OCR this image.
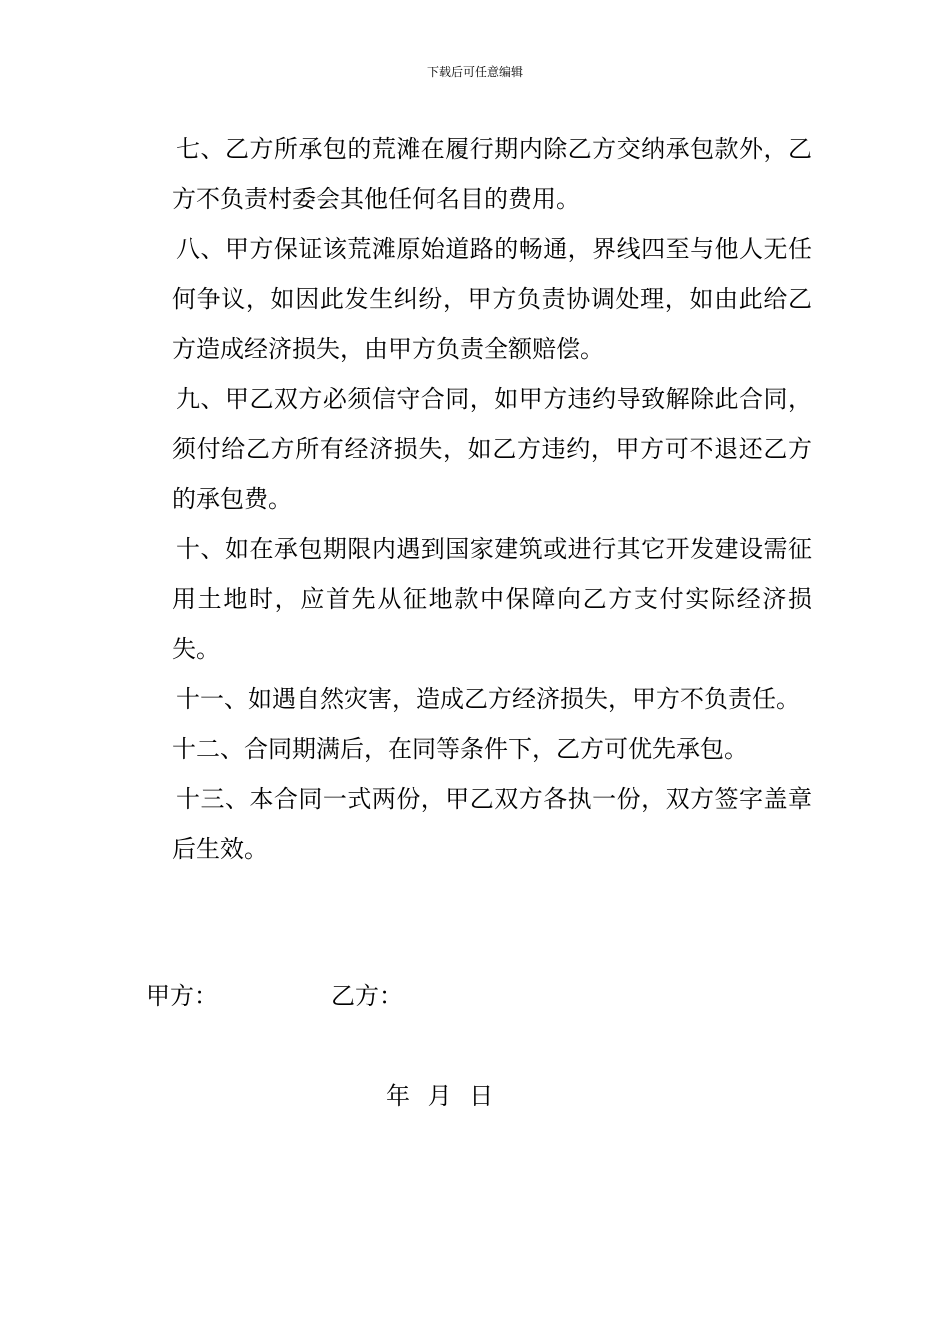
下载后可任意编辑

七、乙方所承包的荒滩在履行期内除乙方交纳承包款外，乙方不负责村委会其他任何名目的费用。

八、甲方保证该荒滩原始道路的畅通，界线四至与他人无任何争议，如因此发生纠纷，甲方负责协调处理，如由此给乙方造成经济损失，由甲方负责全额赔偿。

九、甲乙双方必须信守合同，如甲方违约导致解除此合同，须付给乙方所有经济损失，如乙方违约，甲方可不退还乙方的承包费。

十、如在承包期限内遇到国家建筑或进行其它开发建设需征用土地时，应首先从征地款中保障向乙方支付实际经济损失。

十一、如遇自然灾害，造成乙方经济损失，甲方不负责任。

十二、合同期满后，在同等条件下，乙方可优先承包。

十三、本合同一式两份，甲乙双方各执一份，双方签字盖章后生效。

甲方：	乙方：
年 月 日
